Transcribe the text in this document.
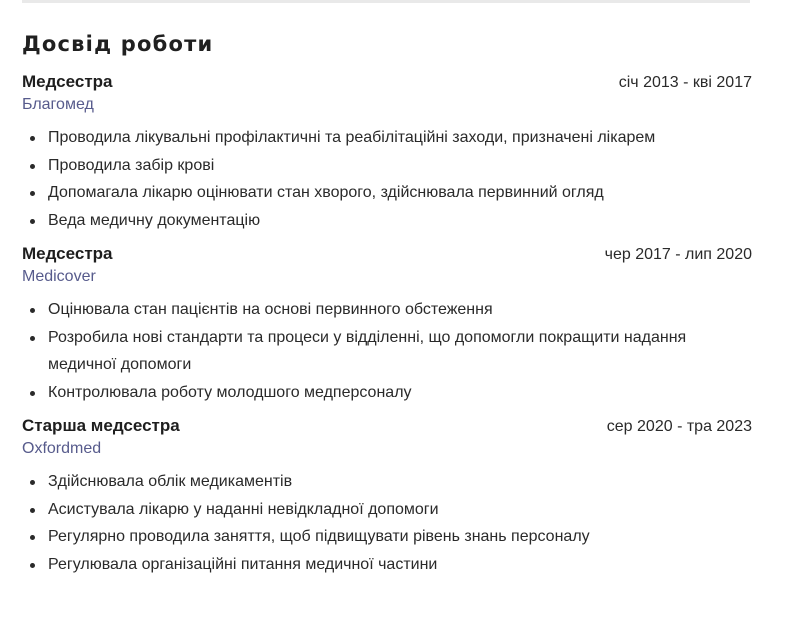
Досвід роботи
Медсестра	січ 2013 - кві 2017
Благомед
Проводила лікувальні профілактичні та реабілітаційні заходи, призначені лікарем
Проводила забір крові
Допомагала лікарю оцінювати стан хворого, здійснювала первинний огляд
Веда медичну документацію
Медсестра	чер 2017 - лип 2020
Medicover
Оцінювала стан пацієнтів на основі первинного обстеження
Розробила нові стандарти та процеси у відділенні, що допомогли покращити надання медичної допомоги
Контролювала роботу молодшого медперсоналу
Старша медсестра	сер 2020 - тра 2023
Oxfordmed
Здійснювала облік медикаментів
Асистувала лікарю у наданні невідкладної допомоги
Регулярно проводила заняття, щоб підвищувати рівень знань персоналу
Регулювала організаційні питання медичної частини
